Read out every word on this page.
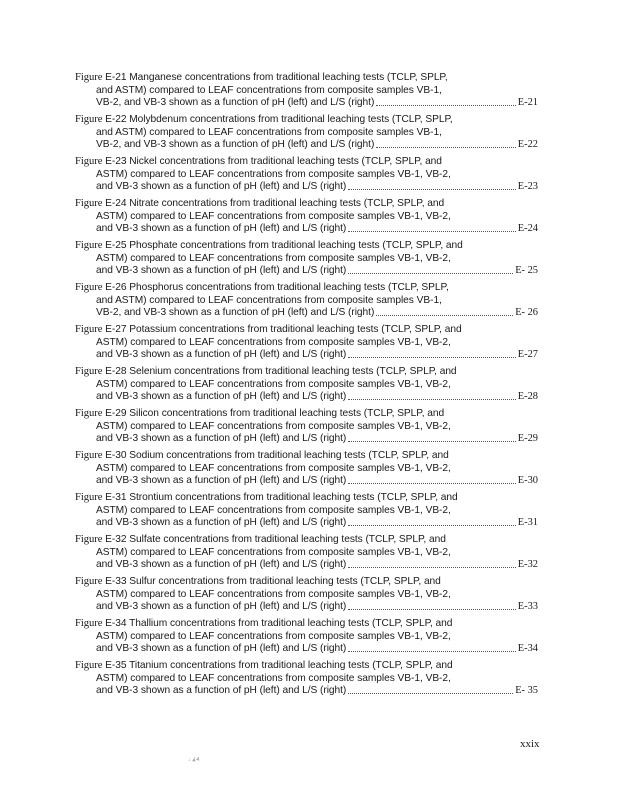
Figure E-21 Manganese concentrations from traditional leaching tests (TCLP, SPLP,
and ASTM) compared to LEAF concentrations from composite samples VB-1,
VB-2, and VB-3 shown as a function of pH (left) and L/S (right)	E-21
Figure E-22 Molybdenum concentrations from traditional leaching tests (TCLP, SPLP,
and ASTM) compared to LEAF concentrations from composite samples VB-1,
VB-2, and VB-3 shown as a function of pH (left) and L/S (right)	E-22
Figure E-23 Nickel concentrations from traditional leaching tests (TCLP, SPLP, and
ASTM) compared to LEAF concentrations from composite samples VB-1, VB-2,
and VB-3 shown as a function of pH (left) and L/S (right)	E-23
Figure E-24 Nitrate concentrations from traditional leaching tests (TCLP, SPLP, and
ASTM) compared to LEAF concentrations from composite samples VB-1, VB-2,
and VB-3 shown as a function of pH (left) and L/S (right)	E-24
Figure E-25 Phosphate concentrations from traditional leaching tests (TCLP, SPLP, and
ASTM) compared to LEAF concentrations from composite samples VB-1, VB-2,
and VB-3 shown as a function of pH (left) and L/S (right)	E- 25
Figure E-26 Phosphorus concentrations from traditional leaching tests (TCLP, SPLP,
and ASTM) compared to LEAF concentrations from composite samples VB-1,
VB-2, and VB-3 shown as a function of pH (left) and L/S (right)	E- 26
Figure E-27 Potassium concentrations from traditional leaching tests (TCLP, SPLP, and
ASTM) compared to LEAF concentrations from composite samples VB-1, VB-2,
and VB-3 shown as a function of pH (left) and L/S (right)	E-27
Figure E-28 Selenium concentrations from traditional leaching tests (TCLP, SPLP, and
ASTM) compared to LEAF concentrations from composite samples VB-1, VB-2,
and VB-3 shown as a function of pH (left) and L/S (right)	E-28
Figure E-29 Silicon concentrations from traditional leaching tests (TCLP, SPLP, and
ASTM) compared to LEAF concentrations from composite samples VB-1, VB-2,
and VB-3 shown as a function of pH (left) and L/S (right)	E-29
Figure E-30 Sodium concentrations from traditional leaching tests (TCLP, SPLP, and
ASTM) compared to LEAF concentrations from composite samples VB-1, VB-2,
and VB-3 shown as a function of pH (left) and L/S (right)	E-30
Figure E-31 Strontium concentrations from traditional leaching tests (TCLP, SPLP, and
ASTM) compared to LEAF concentrations from composite samples VB-1, VB-2,
and VB-3 shown as a function of pH (left) and L/S (right)	E-31
Figure E-32 Sulfate concentrations from traditional leaching tests (TCLP, SPLP, and
ASTM) compared to LEAF concentrations from composite samples VB-1, VB-2,
and VB-3 shown as a function of pH (left) and L/S (right)	E-32
Figure E-33 Sulfur concentrations from traditional leaching tests (TCLP, SPLP, and
ASTM) compared to LEAF concentrations from composite samples VB-1, VB-2,
and VB-3 shown as a function of pH (left) and L/S (right)	E-33
Figure E-34 Thallium concentrations from traditional leaching tests (TCLP, SPLP, and
ASTM) compared to LEAF concentrations from composite samples VB-1, VB-2,
and VB-3 shown as a function of pH (left) and L/S (right)	E-34
Figure E-35 Titanium concentrations from traditional leaching tests (TCLP, SPLP, and
ASTM) compared to LEAF concentrations from composite samples VB-1, VB-2,
and VB-3 shown as a function of pH (left) and L/S (right)	E- 35
xxix
↓ ∡4
